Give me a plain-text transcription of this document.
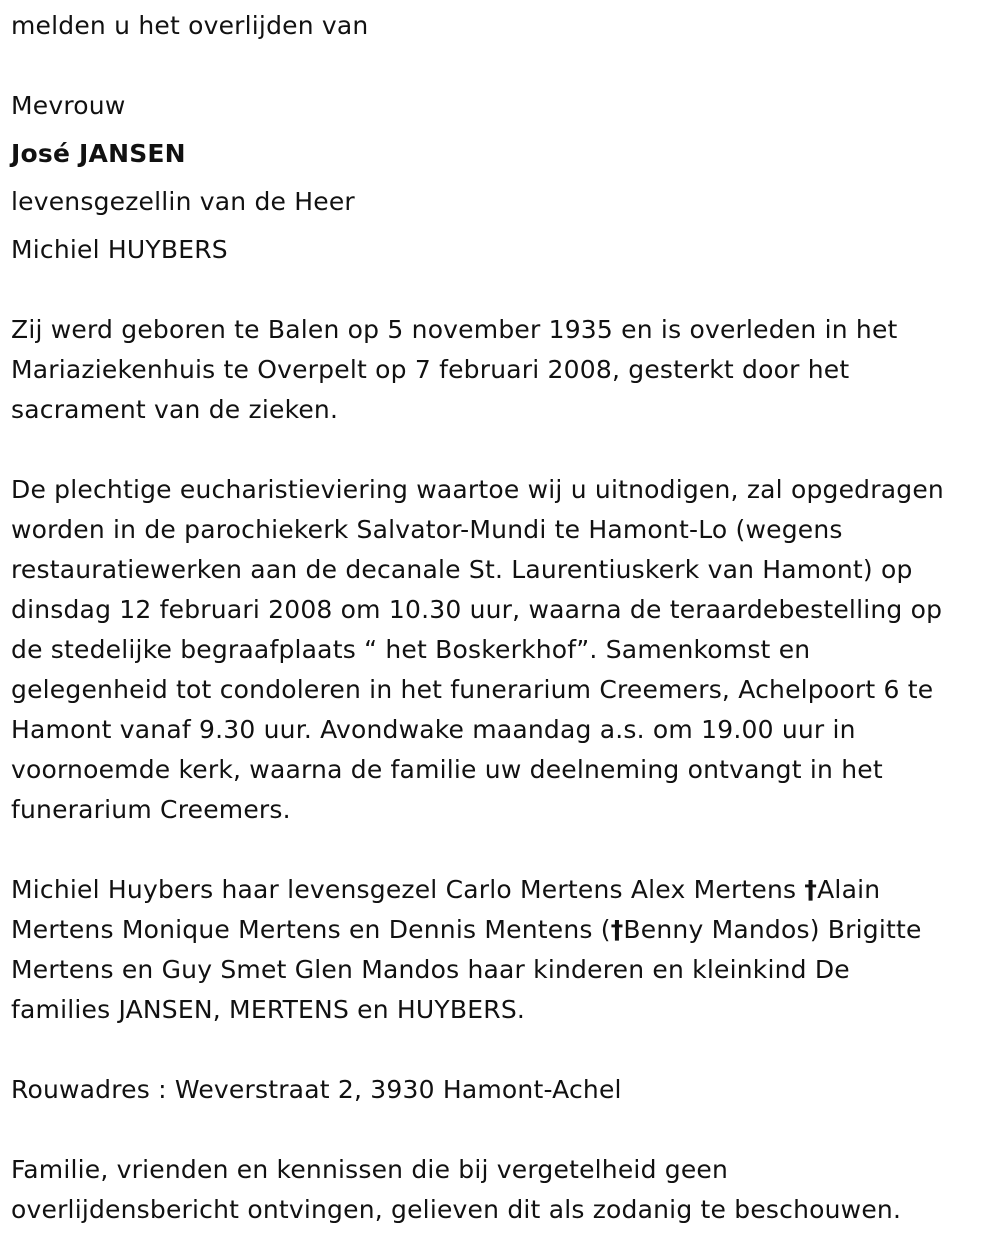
melden u het overlijden van
Mevrouw
José JANSEN
levensgezellin van de Heer
Michiel HUYBERS
Zij werd geboren te Balen op 5 november 1935 en is overleden in het
Mariaziekenhuis te Overpelt op 7 februari 2008, gesterkt door het
sacrament van de zieken.
De plechtige eucharistieviering waartoe wij u uitnodigen, zal opgedragen
worden in de parochiekerk Salvator-Mundi te Hamont-Lo (wegens
restauratiewerken aan de decanale St. Laurentiuskerk van Hamont) op
dinsdag 12 februari 2008 om 10.30 uur, waarna de teraardebestelling op
de stedelijke begraafplaats “ het Boskerkhof”. Samenkomst en
gelegenheid tot condoleren in het funerarium Creemers, Achelpoort 6 te
Hamont vanaf 9.30 uur. Avondwake maandag a.s. om 19.00 uur in
voornoemde kerk, waarna de familie uw deelneming ontvangt in het
funerarium Creemers.
Michiel Huybers haar levensgezel Carlo Mertens Alex Mertens †Alain
Mertens Monique Mertens en Dennis Mentens (†Benny Mandos) Brigitte
Mertens en Guy Smet Glen Mandos haar kinderen en kleinkind De
families JANSEN, MERTENS en HUYBERS.
Rouwadres : Weverstraat 2, 3930 Hamont-Achel
Familie, vrienden en kennissen die bij vergetelheid geen
overlijdensbericht ontvingen, gelieven dit als zodanig te beschouwen.
